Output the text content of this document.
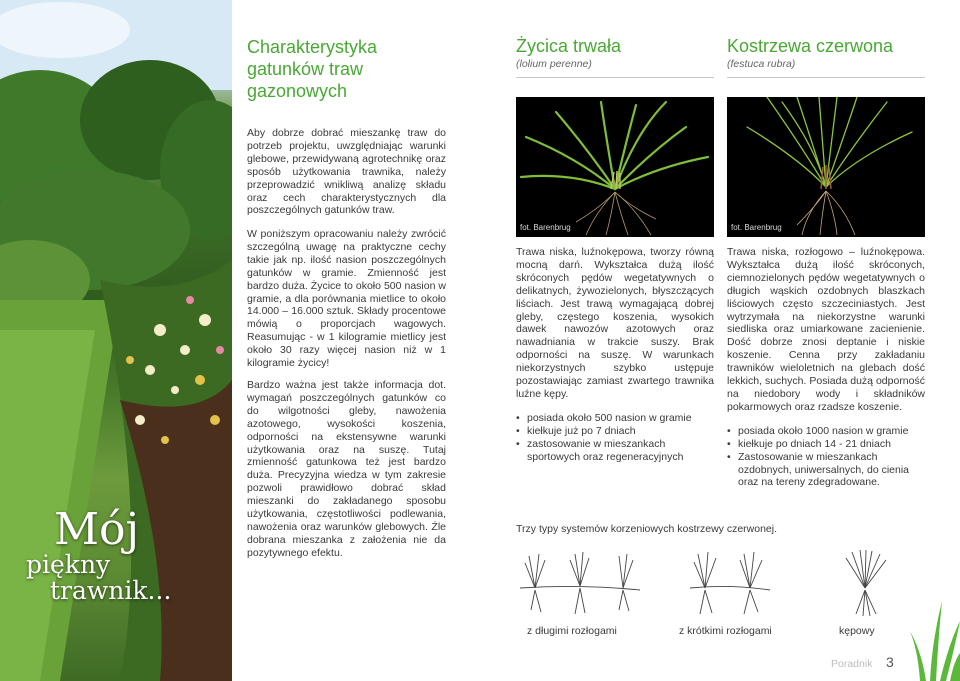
Mój
piękny
trawnik...
Charakterystyka gatunków traw gazonowych

Aby dobrze dobrać mieszankę traw do potrzeb projektu, uwzględniając warunki glebowe, przewidywaną agrotechnikę oraz sposób użytkowania trawnika, należy przeprowadzić wnikliwą analizę składu oraz cech charakterystycznych dla poszczególnych gatunków traw.

W poniższym opracowaniu należy zwrócić szczególną uwagę na praktyczne cechy takie jak np. ilość nasion poszczególnych gatunków w gramie. Zmienność jest bardzo duża. Życice to około 500 nasion w gramie, a dla porównania mietlice to około 14.000 – 16.000 sztuk. Składy procentowe mówią o proporcjach wagowych. Reasumując - w 1 kilogramie mietlicy jest około 30 razy więcej nasion niż w 1 kilogramie życicy!

Bardzo ważna jest także informacja dot. wymagań poszczególnych gatunków co do wilgotności gleby, nawożenia azotowego, wysokości koszenia, odporności na ekstensywne warunki użytkowania oraz na suszę. Tutaj zmienność gatunkowa też jest bardzo duża. Precyzyjna wiedza w tym zakresie pozwoli prawidłowo dobrać skład mieszanki do zakładanego sposobu użytkowania, częstotliwości podlewania, nawożenia oraz warunków glebowych. Źle dobrana mieszanka z założenia nie da pozytywnego efektu.

Życica trwała
(lolium perenne)
Kostrzewa czerwona
(festuca rubra)
fot. Barenbrug	fot. Barenbrug

Trawa niska, luźnokępowa, tworzy równą mocną darń. Wykształca dużą ilość skróconych pędów wegetatywnych o delikatnych, żywozielonych, błyszczących liściach. Jest trawą wymagającą dobrej gleby, częstego koszenia, wysokich dawek nawozów azotowych oraz nawadniania w trakcie suszy. Brak odporności na suszę. W warunkach niekorzystnych szybko ustępuje pozostawiając zamiast zwartego trawnika luźne kępy.

• posiada około 500 nasion w gramie
• kiełkuje już po 7 dniach
• zastosowanie w mieszankach sportowych oraz regeneracyjnych

Trawa niska, rozłogowo – luźnokępowa. Wykształca dużą ilość skróconych, ciemnozielonych pędów wegetatywnych o długich wąskich ozdobnych blaszkach liściowych często szczeciniastych. Jest wytrzymała na niekorzystne warunki siedliska oraz umiarkowane zacienienie. Dość dobrze znosi deptanie i niskie koszenie. Cenna przy zakładaniu trawników wieloletnich na glebach dość lekkich, suchych. Posiada dużą odporność na niedobory wody i składników pokarmowych oraz rzadsze koszenie.

• posiada około 1000 nasion w gramie
• kiełkuje po dniach 14 - 21 dniach
• Zastosowanie w mieszankach ozdobnych, uniwersalnych, do cienia oraz na tereny zdegradowane.
Trzy typy systemów korzeniowych kostrzewy czerwonej.
z długimi rozłogami	z krótkimi rozłogami	kępowy
Poradnik 3
